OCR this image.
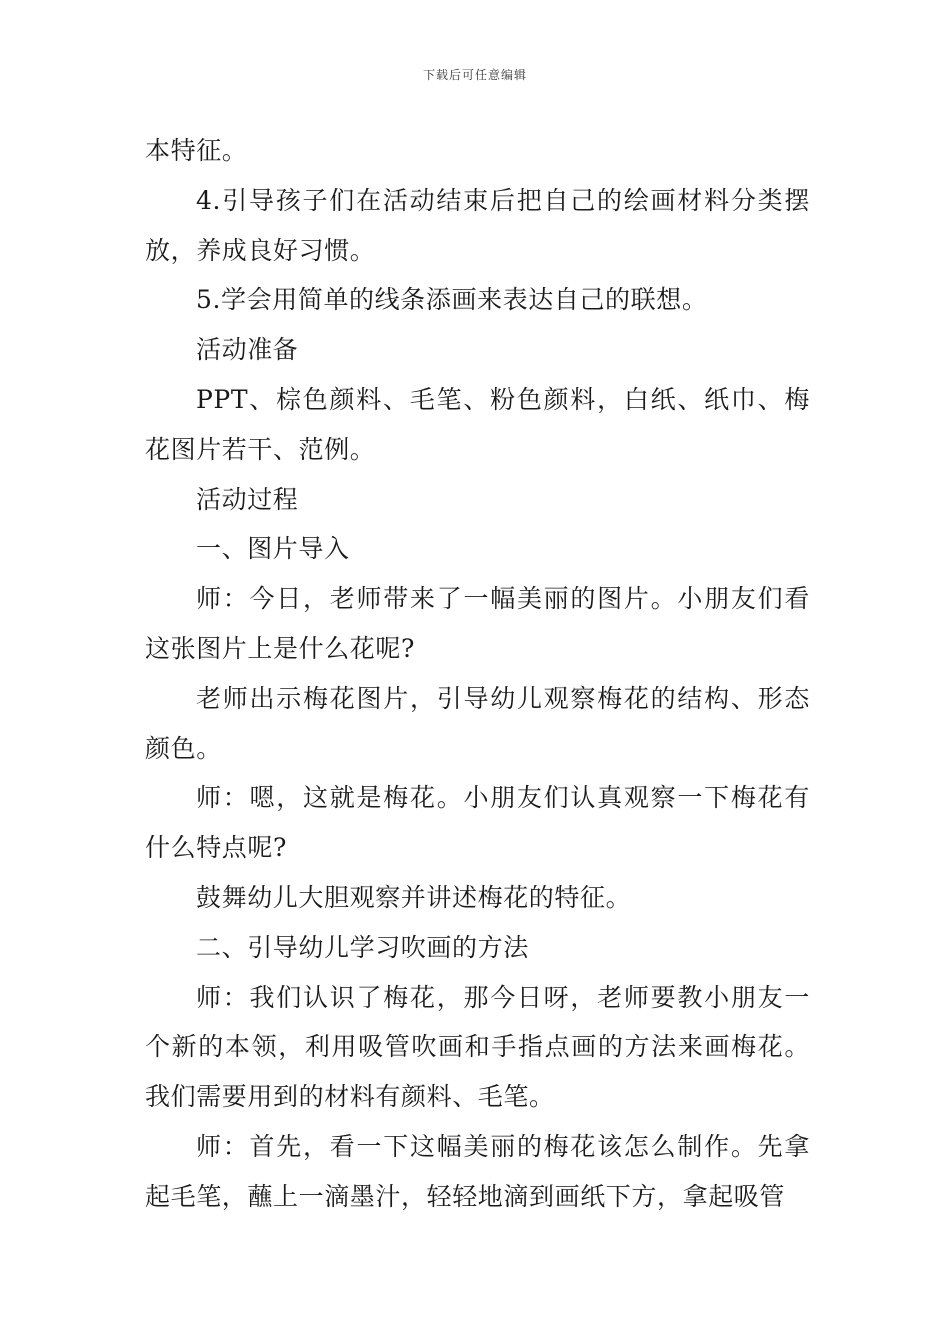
下载后可任意编辑

本特征。

4.引导孩子们在活动结束后把自己的绘画材料分类摆放，养成良好习惯。

5.学会用简单的线条添画来表达自己的联想。

活动准备

PPT、棕色颜料、毛笔、粉色颜料，白纸、纸巾、梅花图片若干、范例。

活动过程

一、图片导入

师：今日，老师带来了一幅美丽的图片。小朋友们看这张图片上是什么花呢?

老师出示梅花图片，引导幼儿观察梅花的结构、形态颜色。

师：嗯，这就是梅花。小朋友们认真观察一下梅花有什么特点呢?

鼓舞幼儿大胆观察并讲述梅花的特征。

二、引导幼儿学习吹画的方法

师：我们认识了梅花，那今日呀，老师要教小朋友一个新的本领，利用吸管吹画和手指点画的方法来画梅花。我们需要用到的材料有颜料、毛笔。

师：首先，看一下这幅美丽的梅花该怎么制作。先拿起毛笔，蘸上一滴墨汁，轻轻地滴到画纸下方，拿起吸管
